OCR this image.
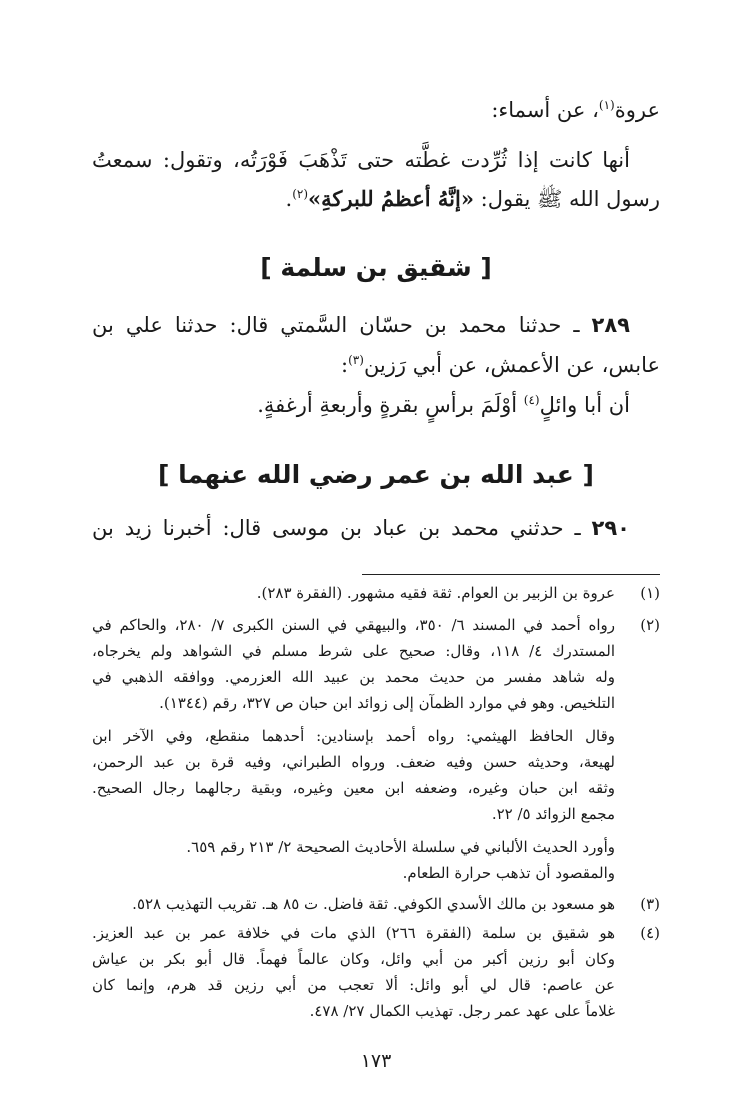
عروة$^{(١)}$، عن أسماء:
أنها كانت إذا ثُرِّدت غطَّته حتى تَذْهَبَ فَوْرَتُه، وتقول: سمعتُ
رسول الله ﷺ يقول: «إنَّهُ أعظمُ للبركةِ»$^{(٢)}$.
[ شقيق بن سلمة ]
٢٨٩ ـ حدثنا محمد بن حسّان السَّمتي قال: حدثنا علي بن
عابس، عن الأعمش، عن أبي رَزين$^{(٣)}$:
أن أبا وائلٍ$^{(٤)}$ أوْلَمَ برأسٍ بقرةٍ وأربعةِ أرغفةٍ.
[ عبد الله بن عمر رضي الله عنهما ]
٢٩٠ ـ حدثني محمد بن عباد بن موسى قال: أخبرنا زيد بن
(١)
عروة بن الزبير بن العوام. ثقة فقيه مشهور. (الفقرة ٢٨٣).
(٢)
رواه أحمد في المسند ٦/ ٣٥٠، والبيهقي في السنن الكبرى ٧/ ٢٨٠، والحاكم في
المستدرك ٤/ ١١٨، وقال: صحيح على شرط مسلم في الشواهد ولم يخرجاه،
وله شاهد مفسر من حديث محمد بن عبيد الله العزرمي. ووافقه الذهبي في
التلخيص. وهو في موارد الظمآن إلى زوائد ابن حبان ص ٣٢٧، رقم (١٣٤٤).
وقال الحافظ الهيثمي: رواه أحمد بإسنادين: أحدهما منقطع، وفي الآخر ابن
لهيعة، وحديثه حسن وفيه ضعف. ورواه الطبراني، وفيه قرة بن عبد الرحمن،
وثقه ابن حبان وغيره، وضعفه ابن معين وغيره، وبقية رجالهما رجال الصحيح.
مجمع الزوائد ٥/ ٢٢.
وأورد الحديث الألباني في سلسلة الأحاديث الصحيحة ٢/ ٢١٣ رقم ٦٥٩.
والمقصود أن تذهب حرارة الطعام.
(٣)
هو مسعود بن مالك الأسدي الكوفي. ثقة فاضل. ت ٨٥ هـ. تقريب التهذيب ٥٢٨.
(٤)
هو شقيق بن سلمة (الفقرة ٢٦٦) الذي مات في خلافة عمر بن عبد العزيز.
وكان أبو رزين أكبر من أبي وائل، وكان عالماً فهماً. قال أبو بكر بن عياش
عن عاصم: قال لي أبو وائل: ألا تعجب من أبي رزين قد هرم، وإنما كان
غلاماً على عهد عمر رجل. تهذيب الكمال ٢٧/ ٤٧٨.
١٧٣
